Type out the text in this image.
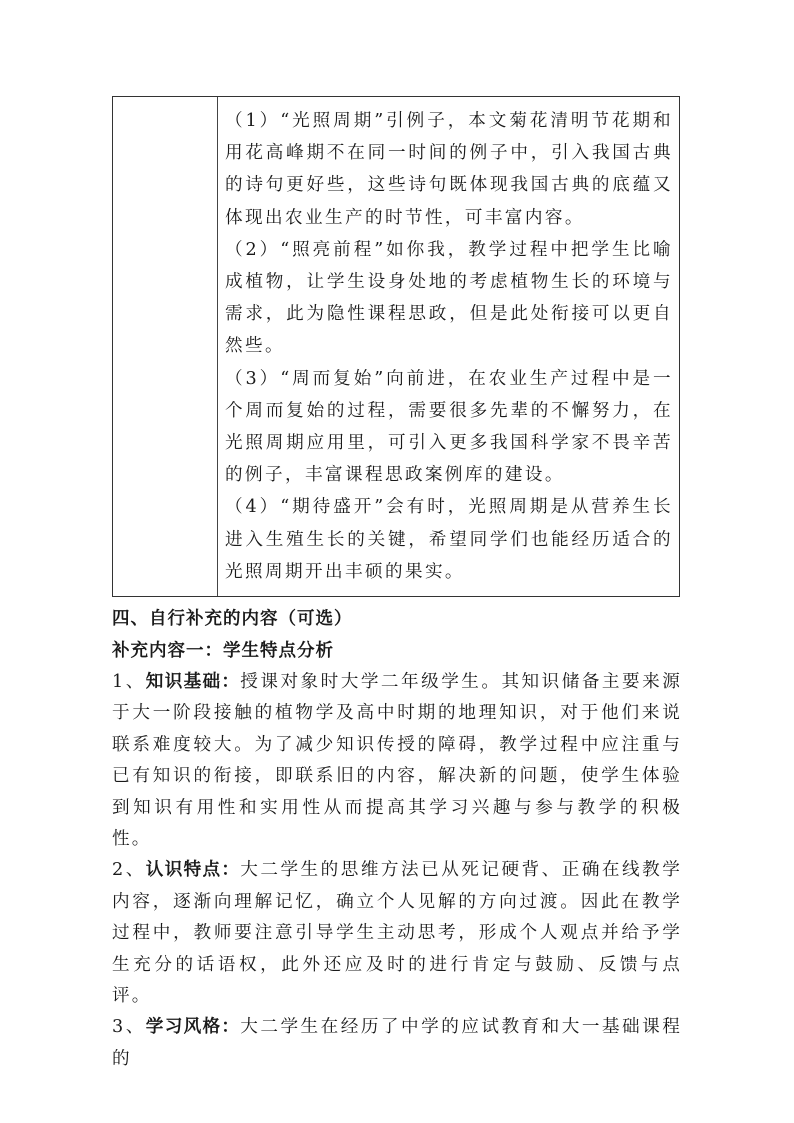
（1）“光照周期”引例子，本文菊花清明节花期和用花高峰期不在同一时间的例子中，引入我国古典的诗句更好些，这些诗句既体现我国古典的底蕴又体现出农业生产的时节性，可丰富内容。

（2）“照亮前程”如你我，教学过程中把学生比喻成植物，让学生设身处地的考虑植物生长的环境与需求，此为隐性课程思政，但是此处衔接可以更自然些。

（3）“周而复始”向前进，在农业生产过程中是一个周而复始的过程，需要很多先辈的不懈努力，在光照周期应用里，可引入更多我国科学家不畏辛苦的例子，丰富课程思政案例库的建设。

（4）“期待盛开”会有时，光照周期是从营养生长进入生殖生长的关键，希望同学们也能经历适合的光照周期开出丰硕的果实。

四、自行补充的内容（可选）

补充内容一：学生特点分析

1、知识基础：授课对象时大学二年级学生。其知识储备主要来源于大一阶段接触的植物学及高中时期的地理知识，对于他们来说联系难度较大。为了减少知识传授的障碍，教学过程中应注重与已有知识的衔接，即联系旧的内容，解决新的问题，使学生体验到知识有用性和实用性从而提高其学习兴趣与参与教学的积极性。

2、认识特点：大二学生的思维方法已从死记硬背、正确在线教学内容，逐渐向理解记忆，确立个人见解的方向过渡。因此在教学过程中，教师要注意引导学生主动思考，形成个人观点并给予学生充分的话语权，此外还应及时的进行肯定与鼓励、反馈与点评。

3、学习风格：大二学生在经历了中学的应试教育和大一基础课程的
